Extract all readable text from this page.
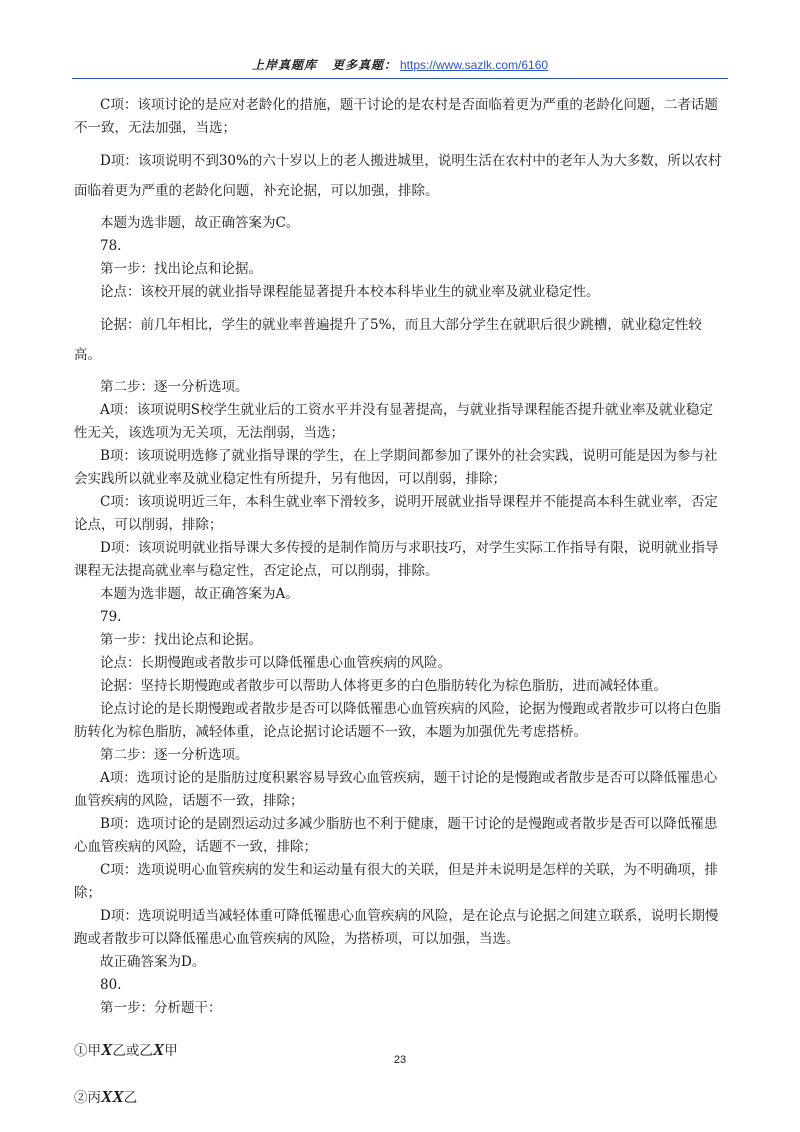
上岸真题库 更多真题： https://www.sazlk.com/6160

C项：该项讨论的是应对老龄化的措施，题干讨论的是农村是否面临着更为严重的老龄化问题，二者话题不一致，无法加强，当选；

D项：该项说明不到30%的六十岁以上的老人搬进城里，说明生活在农村中的老年人为大多数，所以农村面临着更为严重的老龄化问题，补充论据，可以加强，排除。

本题为选非题，故正确答案为C。

78.

第一步：找出论点和论据。

论点：该校开展的就业指导课程能显著提升本校本科毕业生的就业率及就业稳定性。

论据：前几年相比，学生的就业率普遍提升了5%，而且大部分学生在就职后很少跳槽，就业稳定性较高。

第二步：逐一分析选项。

A项：该项说明S校学生就业后的工资水平并没有显著提高，与就业指导课程能否提升就业率及就业稳定性无关，该选项为无关项，无法削弱，当选；

B项：该项说明选修了就业指导课的学生，在上学期间都参加了课外的社会实践，说明可能是因为参与社会实践所以就业率及就业稳定性有所提升，另有他因，可以削弱，排除；

C项：该项说明近三年，本科生就业率下滑较多，说明开展就业指导课程并不能提高本科生就业率，否定论点，可以削弱，排除；

D项：该项说明就业指导课大多传授的是制作简历与求职技巧，对学生实际工作指导有限，说明就业指导课程无法提高就业率与稳定性，否定论点，可以削弱，排除。

本题为选非题，故正确答案为A。

79.

第一步：找出论点和论据。

论点：长期慢跑或者散步可以降低罹患心血管疾病的风险。

论据：坚持长期慢跑或者散步可以帮助人体将更多的白色脂肪转化为棕色脂肪，进而减轻体重。

论点讨论的是长期慢跑或者散步是否可以降低罹患心血管疾病的风险，论据为慢跑或者散步可以将白色脂肪转化为棕色脂肪，减轻体重，论点论据讨论话题不一致，本题为加强优先考虑搭桥。

第二步：逐一分析选项。

A项：选项讨论的是脂肪过度积累容易导致心血管疾病，题干讨论的是慢跑或者散步是否可以降低罹患心血管疾病的风险，话题不一致，排除；

B项：选项讨论的是剧烈运动过多减少脂肪也不利于健康，题干讨论的是慢跑或者散步是否可以降低罹患心血管疾病的风险，话题不一致，排除；

C项：选项说明心血管疾病的发生和运动量有很大的关联，但是并未说明是怎样的关联，为不明确项，排除；

D项：选项说明适当减轻体重可降低罹患心血管疾病的风险，是在论点与论据之间建立联系，说明长期慢跑或者散步可以降低罹患心血管疾病的风险，为搭桥项，可以加强，当选。

故正确答案为D。

80.

第一步：分析题干：

①甲X乙或乙X甲

②丙XX乙

23
